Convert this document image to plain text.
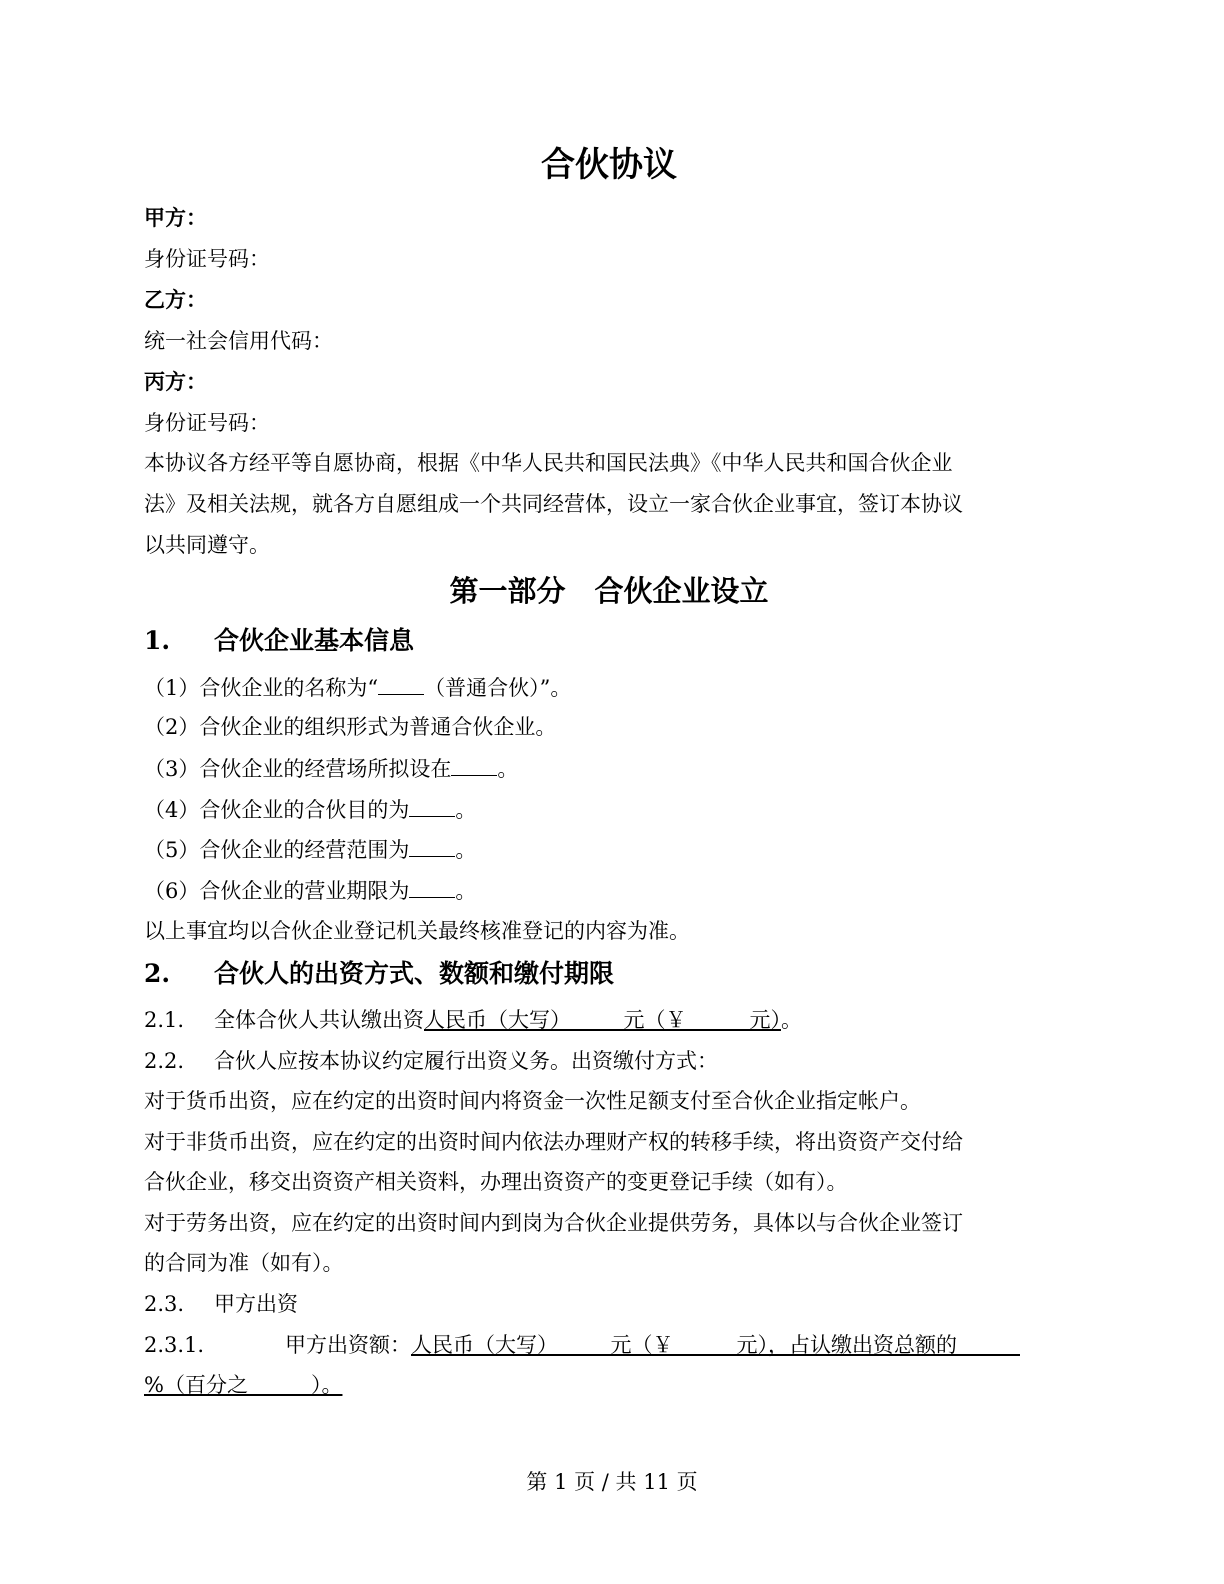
合伙协议
甲方：
身份证号码：
乙方：
统一社会信用代码：
丙方：
身份证号码：
本协议各方经平等自愿协商，根据《中华人民共和国民法典》《中华人民共和国合伙企业
法》及相关法规，就各方自愿组成一个共同经营体，设立一家合伙企业事宜，签订本协议
以共同遵守。
第一部分　合伙企业设立
1. 合伙企业基本信息
（1）合伙企业的名称为“ （普通合伙）”。
（2）合伙企业的组织形式为普通合伙企业。
（3）合伙企业的经营场所拟设在 。
（4）合伙企业的合伙目的为 。
（5）合伙企业的经营范围为 。
（6）合伙企业的营业期限为 。
以上事宜均以合伙企业登记机关最终核准登记的内容为准。
2. 合伙人的出资方式、数额和缴付期限
2.1. 全体合伙人共认缴出资人民币（大写）　　　元（￥　　　元）。
2.2. 合伙人应按本协议约定履行出资义务。出资缴付方式：
对于货币出资，应在约定的出资时间内将资金一次性足额支付至合伙企业指定帐户。
对于非货币出资，应在约定的出资时间内依法办理财产权的转移手续，将出资资产交付给
合伙企业，移交出资资产相关资料，办理出资资产的变更登记手续（如有）。
对于劳务出资，应在约定的出资时间内到岗为合伙企业提供劳务，具体以与合伙企业签订
的合同为准（如有）。
2.3. 甲方出资
2.3.1.	甲方出资额：人民币（大写）　　　元（￥　　　元），占认缴出资总额的　　　
%（百分之　　　）。
第 1 页 / 共 11 页
